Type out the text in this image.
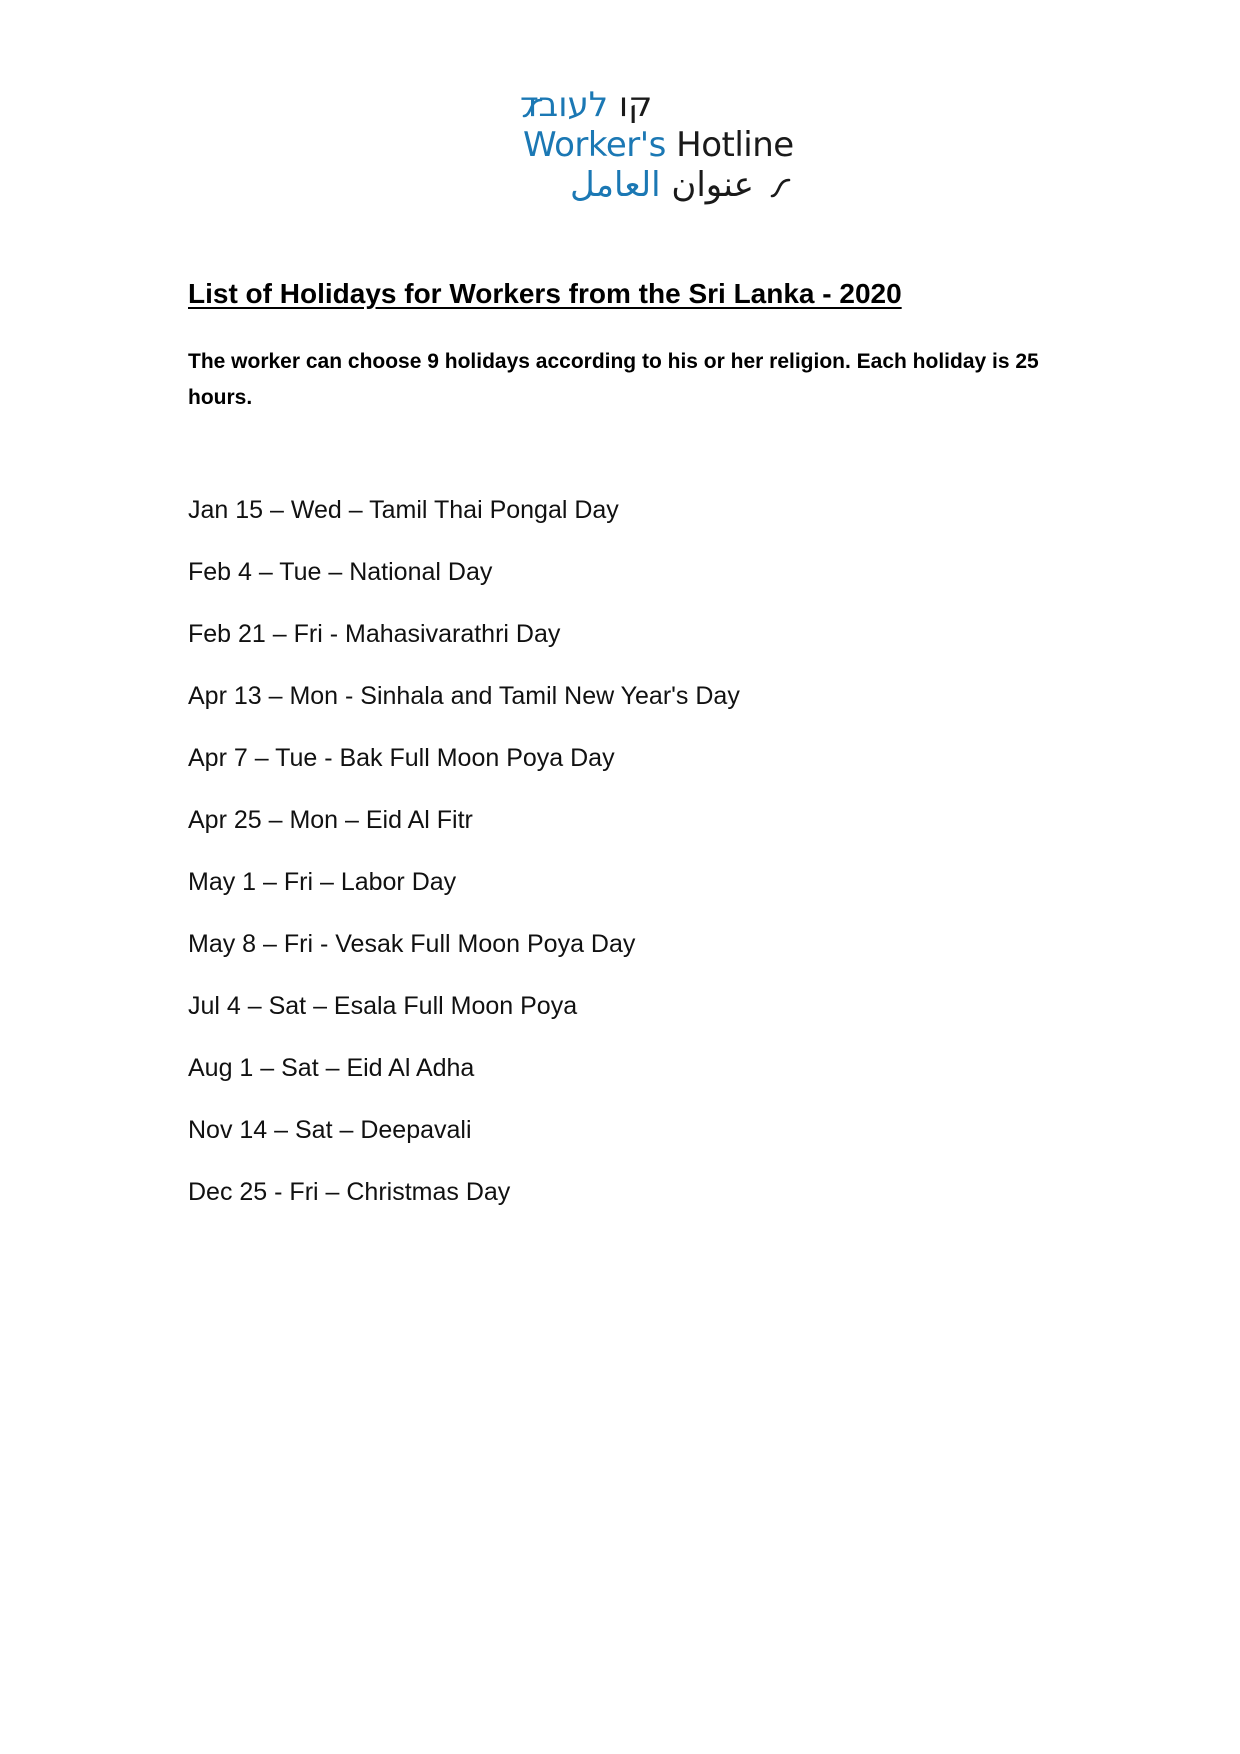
קו לעובד
Worker's Hotline
عنوان العامل
List of Holidays for Workers from the Sri Lanka - 2020

The worker can choose 9 holidays according to his or her religion. Each holiday is 25 hours.

Jan 15 – Wed – Tamil Thai Pongal Day
Feb 4 – Tue – National Day
Feb 21 – Fri - Mahasivarathri Day
Apr 13 – Mon - Sinhala and Tamil New Year's Day
Apr 7 – Tue - Bak Full Moon Poya Day
Apr 25 – Mon – Eid Al Fitr
May 1 – Fri – Labor Day
May 8 – Fri - Vesak Full Moon Poya Day
Jul 4 – Sat – Esala Full Moon Poya
Aug 1 – Sat – Eid Al Adha
Nov 14 – Sat – Deepavali
Dec 25 - Fri – Christmas Day
